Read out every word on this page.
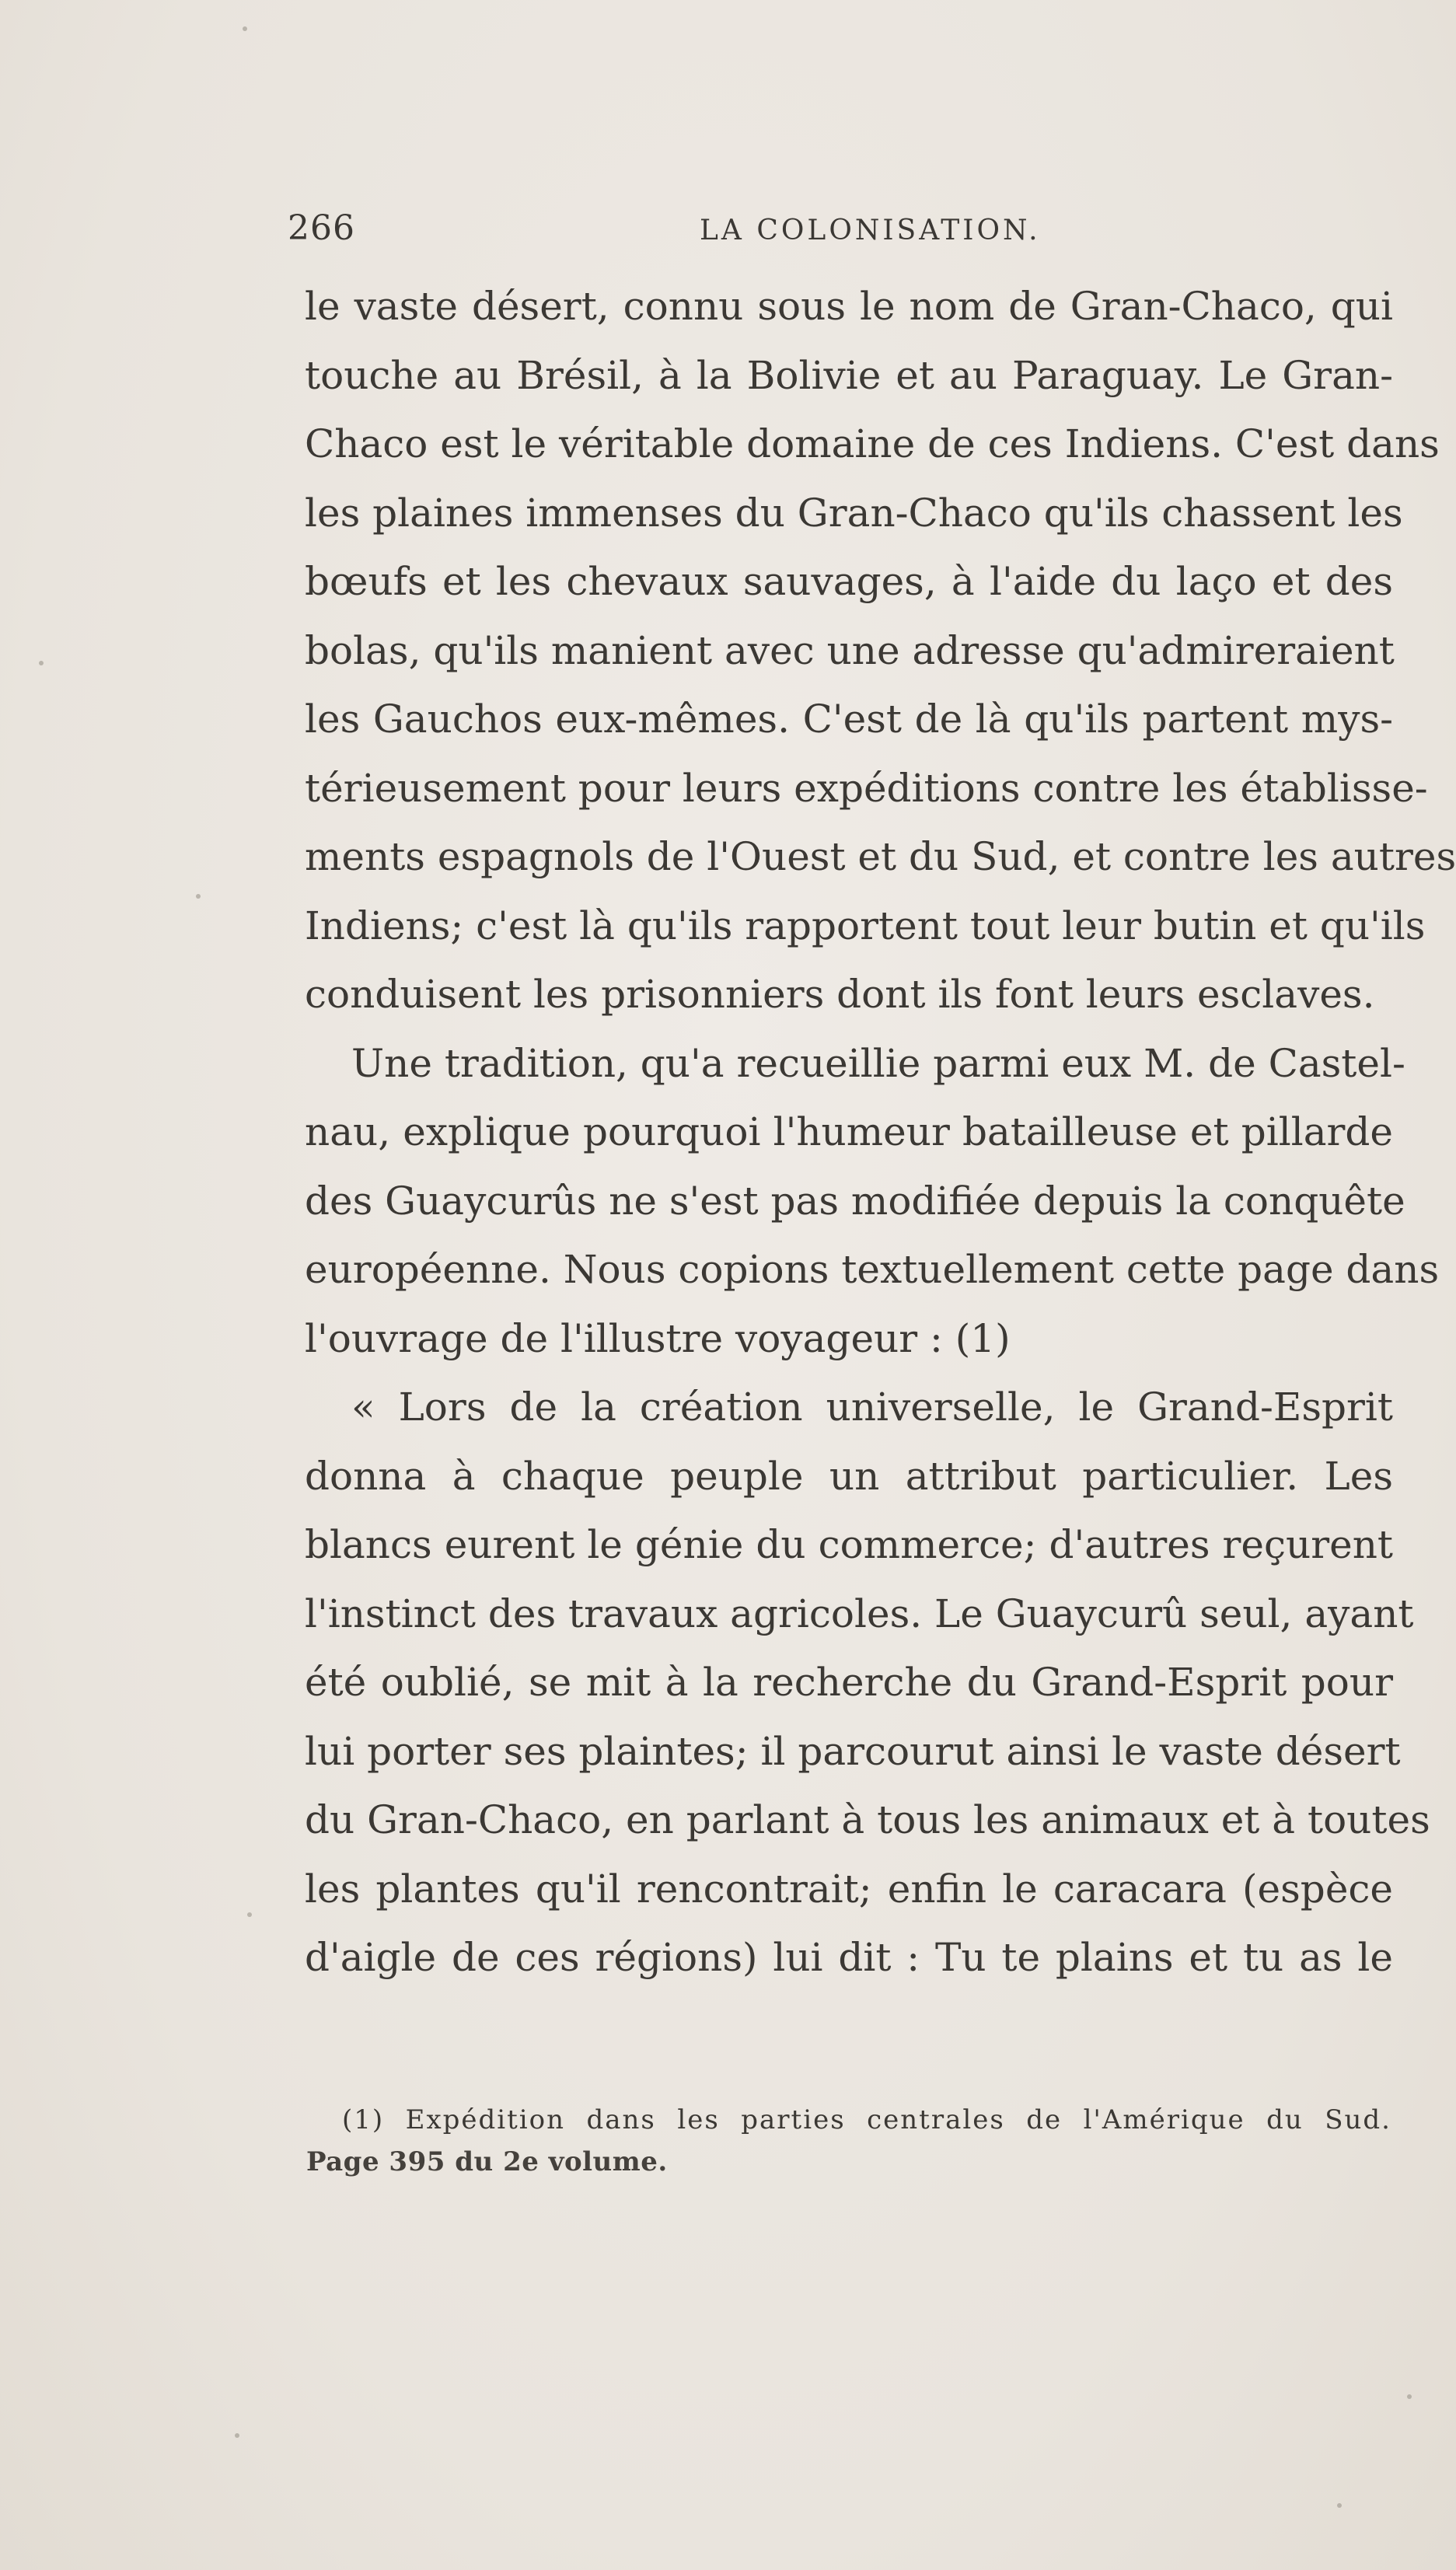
266	LA COLONISATION.
le vaste désert, connu sous le nom de Gran-Chaco, qui
touche au Brésil, à la Bolivie et au Paraguay. Le Gran-
Chaco est le véritable domaine de ces Indiens. C'est dans
les plaines immenses du Gran-Chaco qu'ils chassent les
bœufs et les chevaux sauvages, à l'aide du laço et des
bolas, qu'ils manient avec une adresse qu'admireraient
les Gauchos eux-mêmes. C'est de là qu'ils partent mys-
térieusement pour leurs expéditions contre les établisse-
ments espagnols de l'Ouest et du Sud, et contre les autres
Indiens; c'est là qu'ils rapportent tout leur butin et qu'ils
conduisent les prisonniers dont ils font leurs esclaves.
Une tradition, qu'a recueillie parmi eux M. de Castel-
nau, explique pourquoi l'humeur batailleuse et pillarde
des Guaycurûs ne s'est pas modifiée depuis la conquête
européenne. Nous copions textuellement cette page dans
l'ouvrage de l'illustre voyageur : (1)
« Lors de la création universelle, le Grand-Esprit
donna à chaque peuple un attribut particulier. Les
blancs eurent le génie du commerce; d'autres reçurent
l'instinct des travaux agricoles. Le Guaycurû seul, ayant
été oublié, se mit à la recherche du Grand-Esprit pour
lui porter ses plaintes; il parcourut ainsi le vaste désert
du Gran-Chaco, en parlant à tous les animaux et à toutes
les plantes qu'il rencontrait; enfin le caracara (espèce
d'aigle de ces régions) lui dit : Tu te plains et tu as le
(1) Expédition dans les parties centrales de l'Amérique du Sud.
Page 395 du 2e volume.
